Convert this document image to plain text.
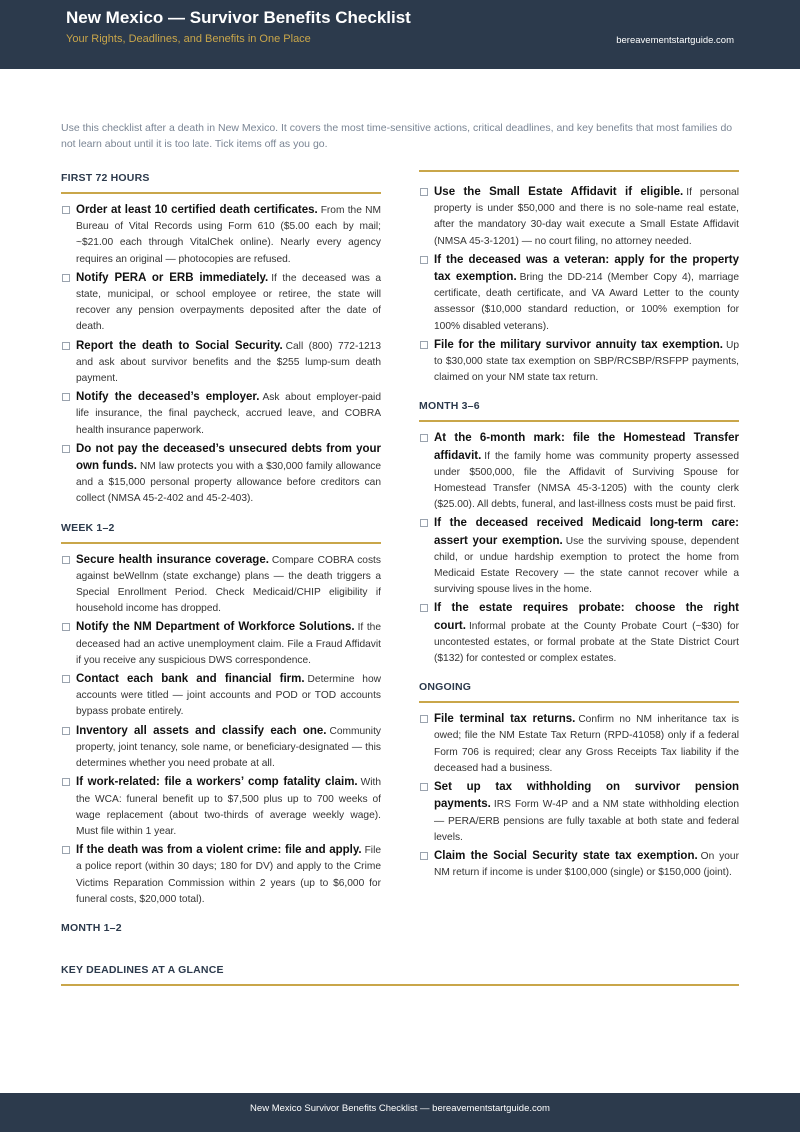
New Mexico — Survivor Benefits Checklist
Your Rights, Deadlines, and Benefits in One Place	bereavementstartguide.com
Use this checklist after a death in New Mexico. It covers the most time-sensitive actions, critical deadlines, and key benefits that most families do not learn about until it is too late. Tick items off as you go.
FIRST 72 HOURS
Order at least 10 certified death certificates. From the NM Bureau of Vital Records using Form 610 ($5.00 each by mail; ~$21.00 each through VitalChek online). Nearly every agency requires an original — photocopies are refused.
Notify PERA or ERB immediately. If the deceased was a state, municipal, or school employee or retiree, the state will recover any pension overpayments deposited after the date of death.
Report the death to Social Security. Call (800) 772-1213 and ask about survivor benefits and the $255 lump-sum death payment.
Notify the deceased’s employer. Ask about employer-paid life insurance, the final paycheck, accrued leave, and COBRA health insurance paperwork.
Do not pay the deceased’s unsecured debts from your own funds. NM law protects you with a $30,000 family allowance and a $15,000 personal property allowance before creditors can collect (NMSA 45-2-402 and 45-2-403).
WEEK 1–2
Secure health insurance coverage. Compare COBRA costs against beWellnm (state exchange) plans — the death triggers a Special Enrollment Period. Check Medicaid/CHIP eligibility if household income has dropped.
Notify the NM Department of Workforce Solutions. If the deceased had an active unemployment claim. File a Fraud Affidavit if you receive any suspicious DWS correspondence.
Contact each bank and financial firm. Determine how accounts were titled — joint accounts and POD or TOD accounts bypass probate entirely.
Inventory all assets and classify each one. Community property, joint tenancy, sole name, or beneficiary-designated — this determines whether you need probate at all.
If work-related: file a workers’ comp fatality claim. With the WCA: funeral benefit up to $7,500 plus up to 700 weeks of wage replacement (about two-thirds of average weekly wage). Must file within 1 year.
If the death was from a violent crime: file and apply. File a police report (within 30 days; 180 for DV) and apply to the Crime Victims Reparation Commission within 2 years (up to $6,000 for funeral costs, $20,000 total).
MONTH 1–2
Use the Small Estate Affidavit if eligible. If personal property is under $50,000 and there is no sole-name real estate, after the mandatory 30-day wait execute a Small Estate Affidavit (NMSA 45-3-1201) — no court filing, no attorney needed.
If the deceased was a veteran: apply for the property tax exemption. Bring the DD-214 (Member Copy 4), marriage certificate, death certificate, and VA Award Letter to the county assessor ($10,000 standard reduction, or 100% exemption for 100% disabled veterans).
File for the military survivor annuity tax exemption. Up to $30,000 state tax exemption on SBP/RCSBP/RSFPP payments, claimed on your NM state tax return.
MONTH 3–6
At the 6-month mark: file the Homestead Transfer affidavit. If the family home was community property assessed under $500,000, file the Affidavit of Surviving Spouse for Homestead Transfer (NMSA 45-3-1205) with the county clerk ($25.00). All debts, funeral, and last-illness costs must be paid first.
If the deceased received Medicaid long-term care: assert your exemption. Use the surviving spouse, dependent child, or undue hardship exemption to protect the home from Medicaid Estate Recovery — the state cannot recover while a surviving spouse lives in the home.
If the estate requires probate: choose the right court. Informal probate at the County Probate Court (~$30) for uncontested estates, or formal probate at the State District Court ($132) for contested or complex estates.
ONGOING
File terminal tax returns. Confirm no NM inheritance tax is owed; file the NM Estate Tax Return (RPD-41058) only if a federal Form 706 is required; clear any Gross Receipts Tax liability if the deceased had a business.
Set up tax withholding on survivor pension payments. IRS Form W-4P and a NM state withholding election — PERA/ERB pensions are fully taxable at both state and federal levels.
Claim the Social Security state tax exemption. On your NM return if income is under $100,000 (single) or $150,000 (joint).
KEY DEADLINES AT A GLANCE
New Mexico Survivor Benefits Checklist — bereavementstartguide.com
